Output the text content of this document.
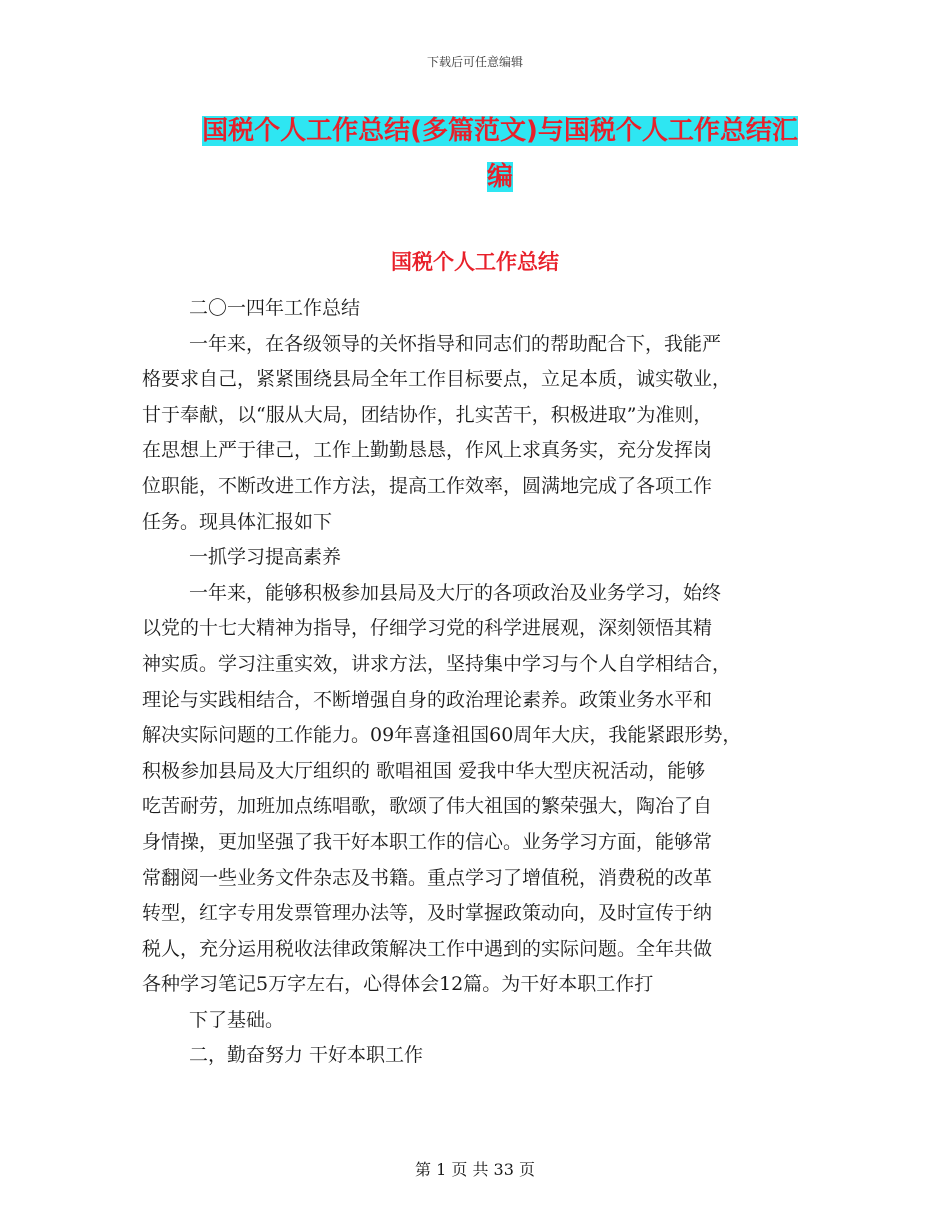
下载后可任意编辑
国税个人工作总结(多篇范文)与国税个人工作总结汇
编
国税个人工作总结

二〇一四年工作总结

一年来，在各级领导的关怀指导和同志们的帮助配合下，我能严

格要求自己，紧紧围绕县局全年工作目标要点，立足本质，诚实敬业，

甘于奉献，以“服从大局，团结协作，扎实苦干，积极进取”为准则，

在思想上严于律己，工作上勤勤恳恳，作风上求真务实，充分发挥岗

位职能，不断改进工作方法，提高工作效率，圆满地完成了各项工作

任务。现具体汇报如下

一抓学习提高素养

一年来，能够积极参加县局及大厅的各项政治及业务学习，始终

以党的十七大精神为指导，仔细学习党的科学进展观，深刻领悟其精

神实质。学习注重实效，讲求方法，坚持集中学习与个人自学相结合，

理论与实践相结合，不断增强自身的政治理论素养。政策业务水平和

解决实际问题的工作能力。09年喜逢祖国60周年大庆，我能紧跟形势，

积极参加县局及大厅组织的 歌唱祖国 爱我中华大型庆祝活动，能够

吃苦耐劳，加班加点练唱歌，歌颂了伟大祖国的繁荣强大，陶冶了自

身情操，更加坚强了我干好本职工作的信心。业务学习方面，能够常

常翻阅一些业务文件杂志及书籍。重点学习了增值税，消费税的改革

转型，红字专用发票管理办法等，及时掌握政策动向，及时宣传于纳

税人，充分运用税收法律政策解决工作中遇到的实际问题。全年共做

各种学习笔记5万字左右，心得体会12篇。为干好本职工作打

下了基础。

二，勤奋努力 干好本职工作

第 1 页 共 33 页
